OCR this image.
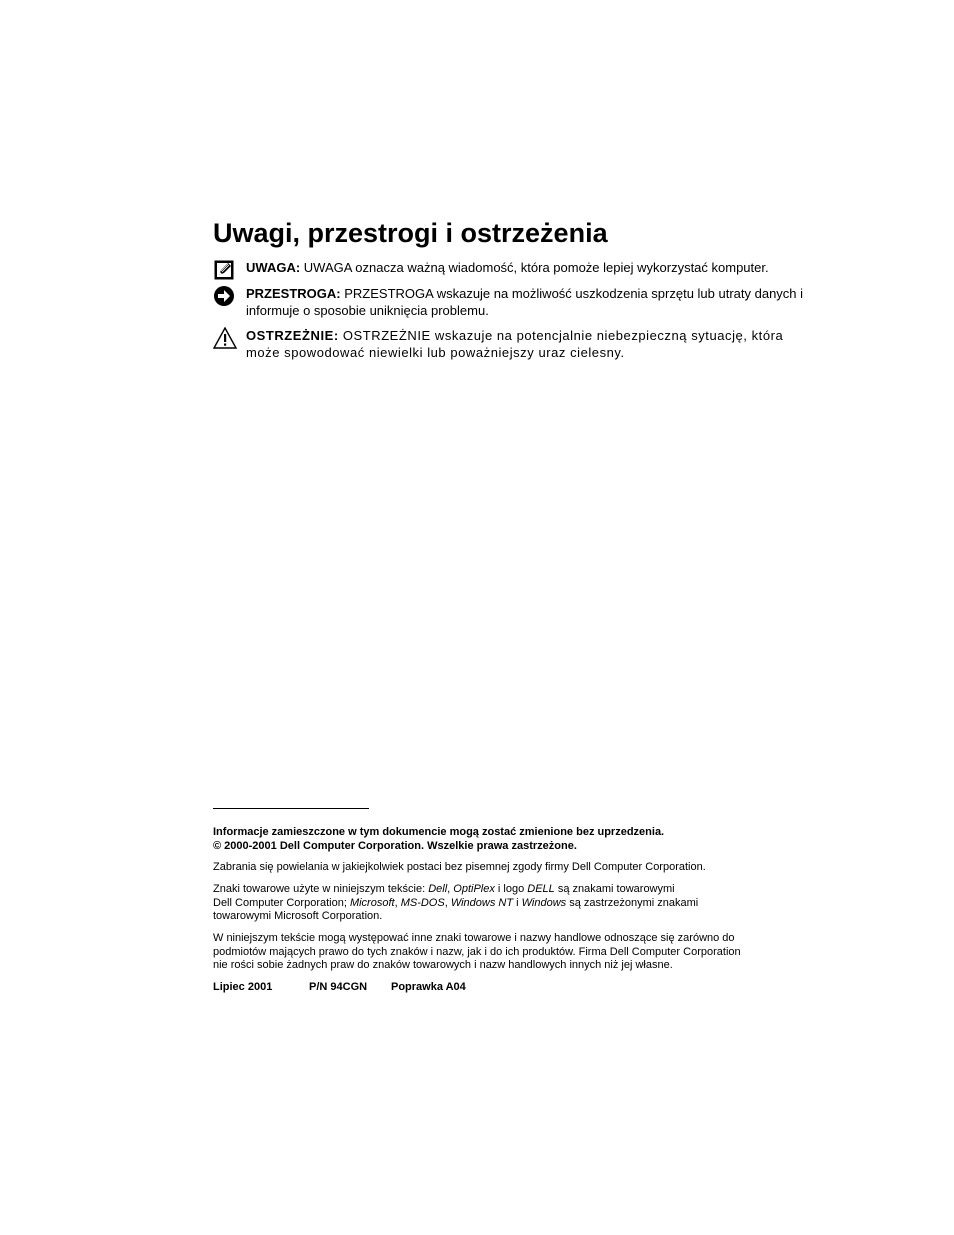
Uwagi, przestrogi i ostrzeżenia
UWAGA: UWAGA oznacza ważną wiadomość, która pomoże lepiej wykorzystać komputer.
PRZESTROGA: PRZESTROGA wskazuje na możliwość uszkodzenia sprzętu lub utraty danych i informuje o sposobie uniknięcia problemu.
OSTRZEŻNIE: OSTRZEŻNIE wskazuje na potencjalnie niebezpieczną sytuację, która może spowodować niewielki lub poważniejszy uraz cielesny.

Informacje zamieszczone w tym dokumencie mogą zostać zmienione bez uprzedzenia.
© 2000-2001 Dell Computer Corporation. Wszelkie prawa zastrzeżone.

Zabrania się powielania w jakiejkolwiek postaci bez pisemnej zgody firmy Dell Computer Corporation.

Znaki towarowe użyte w niniejszym tekście: Dell, OptiPlex i logo DELL są znakami towarowymi
Dell Computer Corporation; Microsoft, MS-DOS, Windows NT i Windows są zastrzeżonymi znakami
towarowymi Microsoft Corporation.

W niniejszym tekście mogą występować inne znaki towarowe i nazwy handlowe odnoszące się zarówno do
podmiotów mających prawo do tych znaków i nazw, jak i do ich produktów. Firma Dell Computer Corporation
nie rości sobie żadnych praw do znaków towarowych i nazw handlowych innych niż jej własne.

Lipiec 2001	P/N 94CGN Poprawka A04
